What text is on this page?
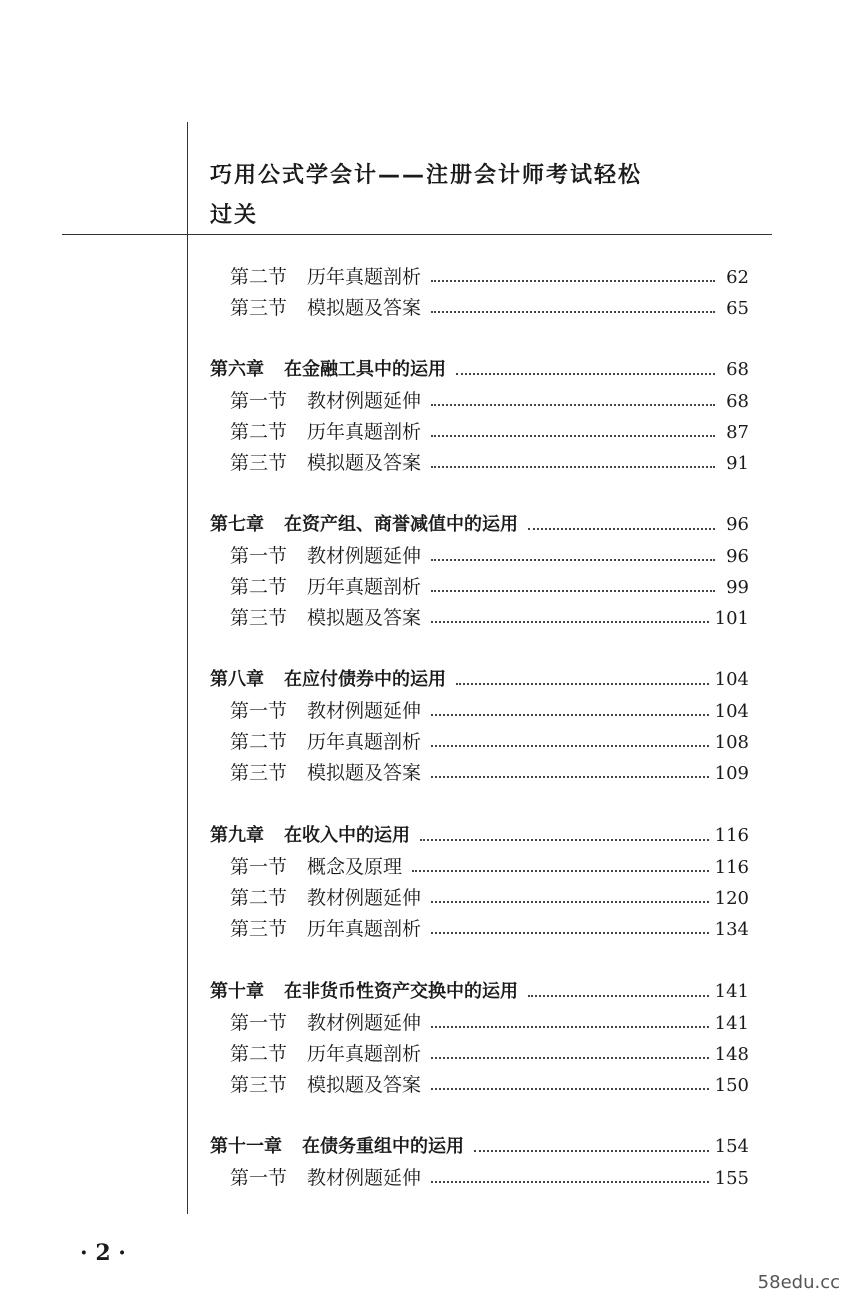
巧用公式学会计——注册会计师考试轻松
过关
第二节 历年真题剖析	62
第三节 模拟题及答案	65
第六章 在金融工具中的运用	68
第一节 教材例题延伸	68
第二节 历年真题剖析	87
第三节 模拟题及答案	91
第七章 在资产组、商誉减值中的运用	96
第一节 教材例题延伸	96
第二节 历年真题剖析	99
第三节 模拟题及答案	101
第八章 在应付债券中的运用	104
第一节 教材例题延伸	104
第二节 历年真题剖析	108
第三节 模拟题及答案	109
第九章 在收入中的运用	116
第一节 概念及原理	116
第二节 教材例题延伸	120
第三节 历年真题剖析	134
第十章 在非货币性资产交换中的运用	141
第一节 教材例题延伸	141
第二节 历年真题剖析	148
第三节 模拟题及答案	150
第十一章 在债务重组中的运用	154
第一节 教材例题延伸	155
· 2 ·
58edu.cc
